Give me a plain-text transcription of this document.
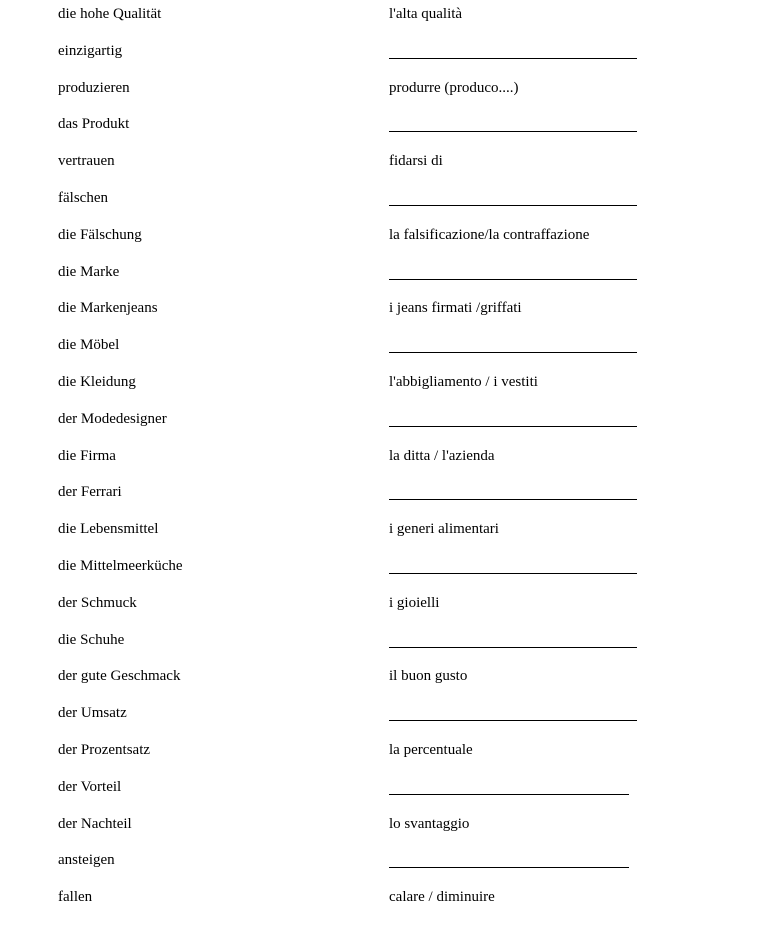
die hohe Qualität	l'alta qualità
einzigartig
produzieren	produrre (produco....)
das Produkt
vertrauen	fidarsi di
fälschen
die Fälschung	la falsificazione/la contraffazione
die Marke
die Markenjeans	i jeans firmati /griffati
die Möbel
die Kleidung	l'abbigliamento / i vestiti
der Modedesigner
die Firma	la ditta / l'azienda
der Ferrari
die Lebensmittel	i generi alimentari
die Mittelmeerküche
der Schmuck	i gioielli
die Schuhe
der gute Geschmack	il buon gusto
der Umsatz
der Prozentsatz	la percentuale
der Vorteil
der Nachteil	lo svantaggio
ansteigen
fallen	calare / diminuire
